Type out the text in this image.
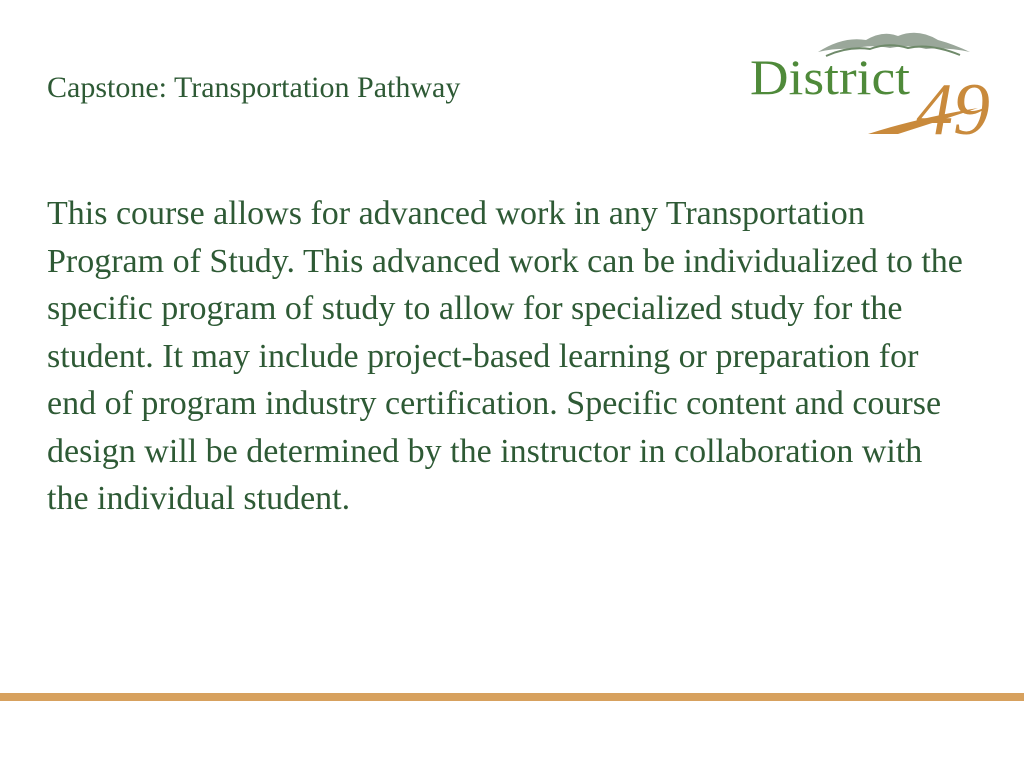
Capstone: Transportation Pathway	District 49
This course allows for advanced work in any Transportation Program of Study. This advanced work can be individualized to the specific program of study to allow for specialized study for the student. It may include project-based learning or preparation for end of program industry certification. Specific content and course design will be determined by the instructor in collaboration with the individual student.
